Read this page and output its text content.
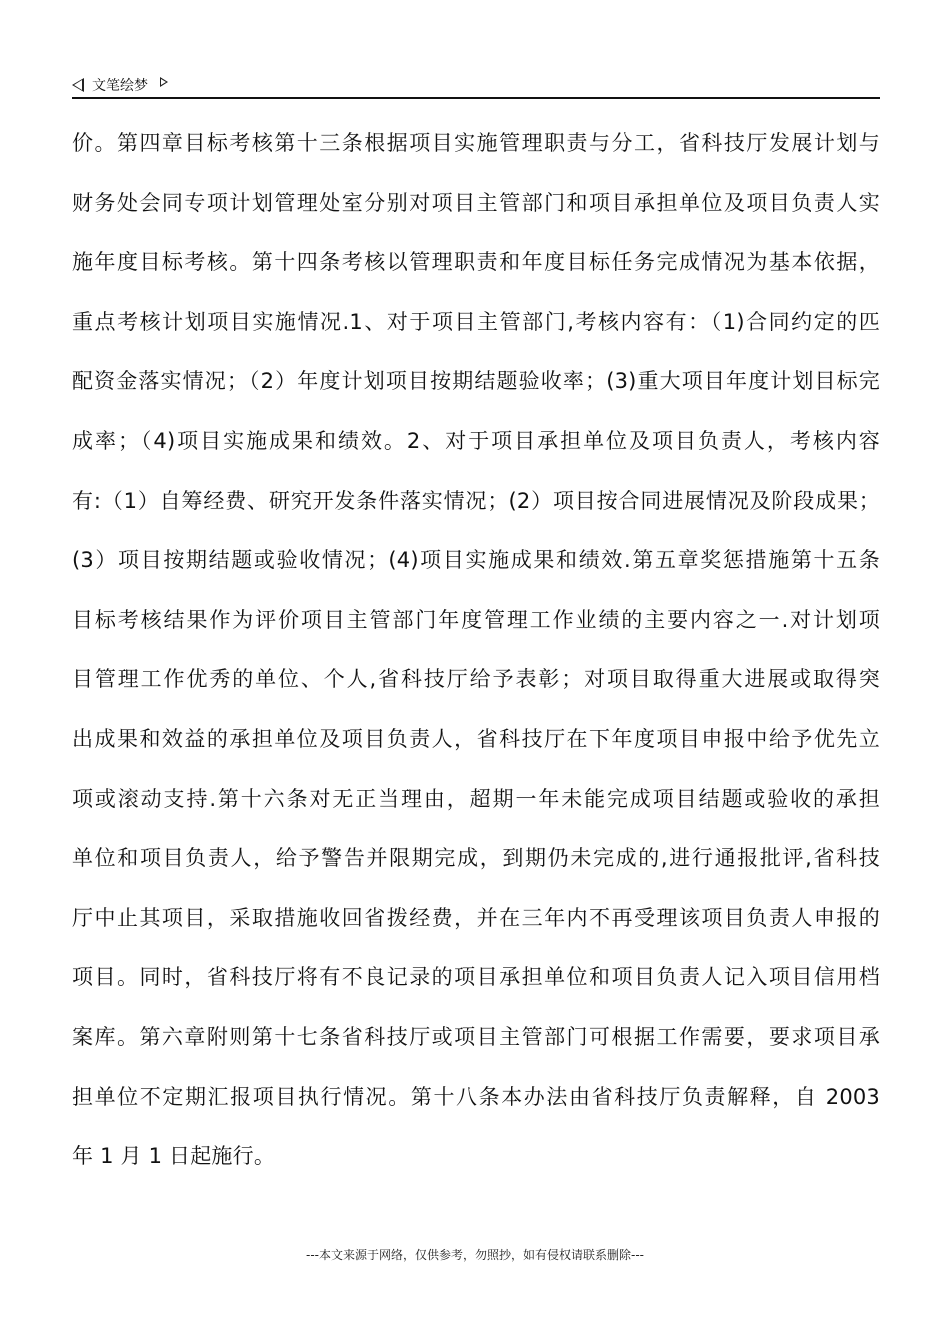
文笔绘梦
价。第四章目标考核第十三条根据项目实施管理职责与分工，省科技厅发展计划与
财务处会同专项计划管理处室分别对项目主管部门和项目承担单位及项目负责人实
施年度目标考核。第十四条考核以管理职责和年度目标任务完成情况为基本依据，
重点考核计划项目实施情况.1、对于项目主管部门,考核内容有：（1)合同约定的匹
配资金落实情况；（2）年度计划项目按期结题验收率；(3)重大项目年度计划目标完
成率；（4)项目实施成果和绩效。2、对于项目承担单位及项目负责人，考核内容
有:（1）自筹经费、研究开发条件落实情况；(2）项目按合同进展情况及阶段成果；
(3）项目按期结题或验收情况；(4)项目实施成果和绩效.第五章奖惩措施第十五条
目标考核结果作为评价项目主管部门年度管理工作业绩的主要内容之一.对计划项
目管理工作优秀的单位、个人,省科技厅给予表彰；对项目取得重大进展或取得突
出成果和效益的承担单位及项目负责人，省科技厅在下年度项目申报中给予优先立
项或滚动支持.第十六条对无正当理由，超期一年未能完成项目结题或验收的承担
单位和项目负责人，给予警告并限期完成，到期仍未完成的,进行通报批评,省科技
厅中止其项目，采取措施收回省拨经费，并在三年内不再受理该项目负责人申报的
项目。同时，省科技厅将有不良记录的项目承担单位和项目负责人记入项目信用档
案库。第六章附则第十七条省科技厅或项目主管部门可根据工作需要，要求项目承
担单位不定期汇报项目执行情况。第十八条本办法由省科技厅负责解释，自 2003
年 1 月 1 日起施行。
---本文来源于网络，仅供参考，勿照抄，如有侵权请联系删除---
